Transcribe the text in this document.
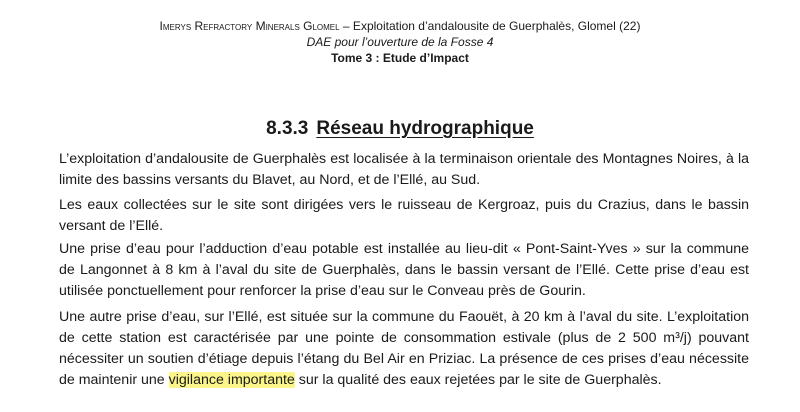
Imerys Refractory Minerals Glomel – Exploitation d’andalousite de Guerphalès, Glomel (22)
DAE pour l’ouverture de la Fosse 4
Tome 3 : Etude d’Impact
8.3.3 Réseau hydrographique
L’exploitation d’andalousite de Guerphalès est localisée à la terminaison orientale des Montagnes Noires, à la limite des bassins versants du Blavet, au Nord, et de l’Ellé, au Sud.
Les eaux collectées sur le site sont dirigées vers le ruisseau de Kergroaz, puis du Crazius, dans le bassin versant de l’Ellé.
Une prise d’eau pour l’adduction d’eau potable est installée au lieu-dit « Pont-Saint-Yves » sur la commune de Langonnet à 8 km à l’aval du site de Guerphalès, dans le bassin versant de l’Ellé. Cette prise d’eau est utilisée ponctuellement pour renforcer la prise d’eau sur le Conveau près de Gourin.
Une autre prise d’eau, sur l’Ellé, est située sur la commune du Faouët, à 20 km à l’aval du site. L’exploitation de cette station est caractérisée par une pointe de consommation estivale (plus de 2 500 m³/j) pouvant nécessiter un soutien d’étiage depuis l’étang du Bel Air en Priziac. La présence de ces prises d’eau nécessite de maintenir une vigilance importante sur la qualité des eaux rejetées par le site de Guerphalès.
